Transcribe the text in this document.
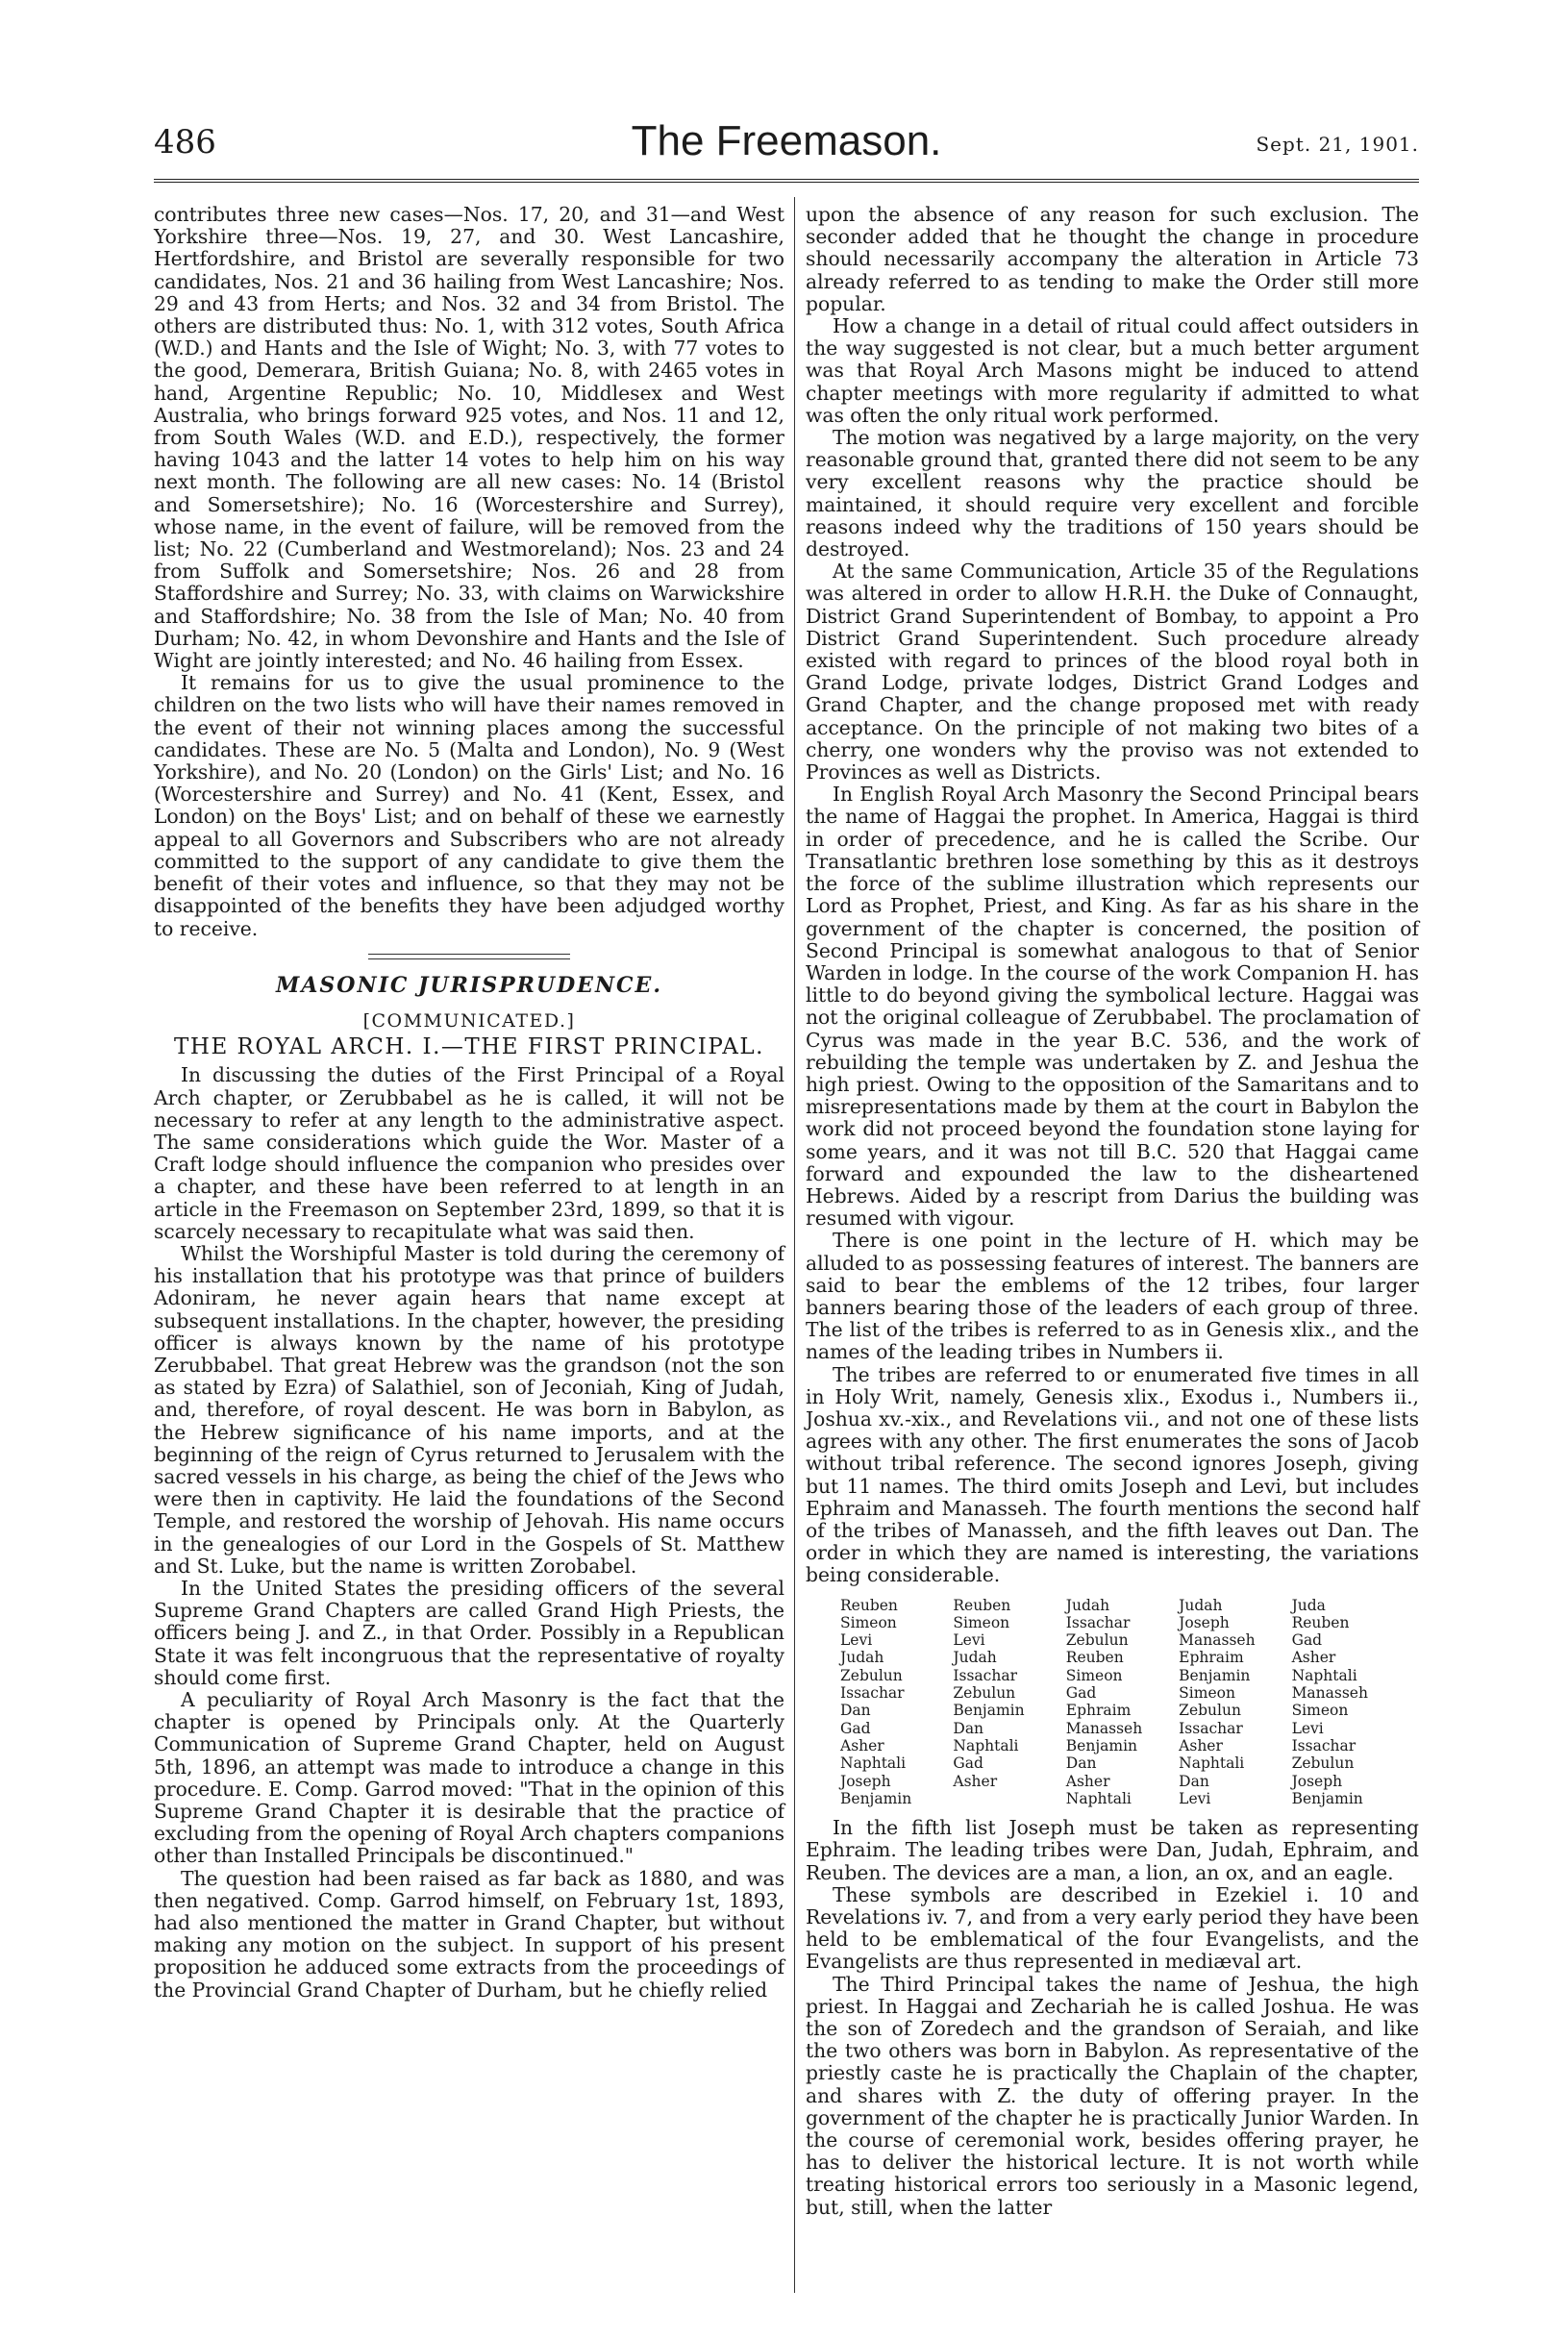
486	The Freemason.	Sept. 21, 1901.

contributes three new cases—Nos. 17, 20, and 31—and West Yorkshire three—Nos. 19, 27, and 30. West Lancashire, Hertfordshire, and Bristol are severally responsible for two candidates, Nos. 21 and 36 hailing from West Lancashire; Nos. 29 and 43 from Herts; and Nos. 32 and 34 from Bristol. The others are distributed thus: No. 1, with 312 votes, South Africa (W.D.) and Hants and the Isle of Wight; No. 3, with 77 votes to the good, Demerara, British Guiana; No. 8, with 2465 votes in hand, Argentine Republic; No. 10, Middlesex and West Australia, who brings forward 925 votes, and Nos. 11 and 12, from South Wales (W.D. and E.D.), respectively, the former having 1043 and the latter 14 votes to help him on his way next month. The following are all new cases: No. 14 (Bristol and Somersetshire); No. 16 (Worcestershire and Surrey), whose name, in the event of failure, will be removed from the list; No. 22 (Cumberland and Westmoreland); Nos. 23 and 24 from Suffolk and Somersetshire; Nos. 26 and 28 from Staffordshire and Surrey; No. 33, with claims on Warwickshire and Staffordshire; No. 38 from the Isle of Man; No. 40 from Durham; No. 42, in whom Devonshire and Hants and the Isle of Wight are jointly interested; and No. 46 hailing from Essex.

It remains for us to give the usual prominence to the children on the two lists who will have their names removed in the event of their not winning places among the successful candidates. These are No. 5 (Malta and London), No. 9 (West Yorkshire), and No. 20 (London) on the Girls' List; and No. 16 (Worcestershire and Surrey) and No. 41 (Kent, Essex, and London) on the Boys' List; and on behalf of these we earnestly appeal to all Governors and Subscribers who are not already committed to the support of any candidate to give them the benefit of their votes and influence, so that they may not be disappointed of the benefits they have been adjudged worthy to receive.

MASONIC JURISPRUDENCE.
[COMMUNICATED.]
THE ROYAL ARCH. I.—THE FIRST PRINCIPAL.

In discussing the duties of the First Principal of a Royal Arch chapter, or Zerubbabel as he is called, it will not be necessary to refer at any length to the administrative aspect. The same considerations which guide the Wor. Master of a Craft lodge should influence the companion who presides over a chapter, and these have been referred to at length in an article in the Freemason on September 23rd, 1899, so that it is scarcely necessary to recapitulate what was said then.

Whilst the Worshipful Master is told during the ceremony of his installation that his prototype was that prince of builders Adoniram, he never again hears that name except at subsequent installations. In the chapter, however, the presiding officer is always known by the name of his prototype Zerubbabel. That great Hebrew was the grandson (not the son as stated by Ezra) of Salathiel, son of Jeconiah, King of Judah, and, therefore, of royal descent. He was born in Babylon, as the Hebrew significance of his name imports, and at the beginning of the reign of Cyrus returned to Jerusalem with the sacred vessels in his charge, as being the chief of the Jews who were then in captivity. He laid the foundations of the Second Temple, and restored the worship of Jehovah. His name occurs in the genealogies of our Lord in the Gospels of St. Matthew and St. Luke, but the name is written Zorobabel.

In the United States the presiding officers of the several Supreme Grand Chapters are called Grand High Priests, the officers being J. and Z., in that Order. Possibly in a Republican State it was felt incongruous that the representative of royalty should come first.

A peculiarity of Royal Arch Masonry is the fact that the chapter is opened by Principals only. At the Quarterly Communication of Supreme Grand Chapter, held on August 5th, 1896, an attempt was made to introduce a change in this procedure. E. Comp. Garrod moved: "That in the opinion of this Supreme Grand Chapter it is desirable that the practice of excluding from the opening of Royal Arch chapters companions other than Installed Principals be discontinued."

The question had been raised as far back as 1880, and was then negatived. Comp. Garrod himself, on February 1st, 1893, had also mentioned the matter in Grand Chapter, but without making any motion on the subject. In support of his present proposition he adduced some extracts from the proceedings of the Provincial Grand Chapter of Durham, but he chiefly relied

upon the absence of any reason for such exclusion. The seconder added that he thought the change in procedure should necessarily accompany the alteration in Article 73 already referred to as tending to make the Order still more popular.

How a change in a detail of ritual could affect outsiders in the way suggested is not clear, but a much better argument was that Royal Arch Masons might be induced to attend chapter meetings with more regularity if admitted to what was often the only ritual work performed.

The motion was negatived by a large majority, on the very reasonable ground that, granted there did not seem to be any very excellent reasons why the practice should be maintained, it should require very excellent and forcible reasons indeed why the traditions of 150 years should be destroyed.

At the same Communication, Article 35 of the Regulations was altered in order to allow H.R.H. the Duke of Connaught, District Grand Superintendent of Bombay, to appoint a Pro District Grand Superintendent. Such procedure already existed with regard to princes of the blood royal both in Grand Lodge, private lodges, District Grand Lodges and Grand Chapter, and the change proposed met with ready acceptance. On the principle of not making two bites of a cherry, one wonders why the proviso was not extended to Provinces as well as Districts.

In English Royal Arch Masonry the Second Principal bears the name of Haggai the prophet. In America, Haggai is third in order of precedence, and he is called the Scribe. Our Transatlantic brethren lose something by this as it destroys the force of the sublime illustration which represents our Lord as Prophet, Priest, and King. As far as his share in the government of the chapter is concerned, the position of Second Principal is somewhat analogous to that of Senior Warden in lodge. In the course of the work Companion H. has little to do beyond giving the symbolical lecture. Haggai was not the original colleague of Zerubbabel. The proclamation of Cyrus was made in the year B.C. 536, and the work of rebuilding the temple was undertaken by Z. and Jeshua the high priest. Owing to the opposition of the Samaritans and to misrepresentations made by them at the court in Babylon the work did not proceed beyond the foundation stone laying for some years, and it was not till B.C. 520 that Haggai came forward and expounded the law to the disheartened Hebrews. Aided by a rescript from Darius the building was resumed with vigour.

There is one point in the lecture of H. which may be alluded to as possessing features of interest. The banners are said to bear the emblems of the 12 tribes, four larger banners bearing those of the leaders of each group of three. The list of the tribes is referred to as in Genesis xlix., and the names of the leading tribes in Numbers ii.

The tribes are referred to or enumerated five times in all in Holy Writ, namely, Genesis xlix., Exodus i., Numbers ii., Joshua xv.-xix., and Revelations vii., and not one of these lists agrees with any other. The first enumerates the sons of Jacob without tribal reference. The second ignores Joseph, giving but 11 names. The third omits Joseph and Levi, but includes Ephraim and Manasseh. The fourth mentions the second half of the tribes of Manasseh, and the fifth leaves out Dan. The order in which they are named is interesting, the variations being considerable.

Reuben	Reuben	Judah	Judah	Juda
Simeon	Simeon	Issachar	Joseph	Reuben
Levi	Levi	Zebulun	Manasseh	Gad
Judah	Judah	Reuben	Ephraim	Asher
Zebulun	Issachar	Simeon	Benjamin	Naphtali
Issachar	Zebulun	Gad	Simeon	Manasseh
Dan	Benjamin	Ephraim	Zebulun	Simeon
Gad	Dan	Manasseh	Issachar	Levi
Asher	Naphtali	Benjamin	Asher	Issachar
Naphtali	Gad	Dan	Naphtali	Zebulun
Joseph	Asher	Asher	Dan	Joseph
Benjamin		Naphtali	Levi	Benjamin

In the fifth list Joseph must be taken as representing Ephraim. The leading tribes were Dan, Judah, Ephraim, and Reuben. The devices are a man, a lion, an ox, and an eagle.

These symbols are described in Ezekiel i. 10 and Revelations iv. 7, and from a very early period they have been held to be emblematical of the four Evangelists, and the Evangelists are thus represented in mediæval art.

The Third Principal takes the name of Jeshua, the high priest. In Haggai and Zechariah he is called Joshua. He was the son of Zoredech and the grandson of Seraiah, and like the two others was born in Babylon. As representative of the priestly caste he is practically the Chaplain of the chapter, and shares with Z. the duty of offering prayer. In the government of the chapter he is practically Junior Warden. In the course of ceremonial work, besides offering prayer, he has to deliver the historical lecture. It is not worth while treating historical errors too seriously in a Masonic legend, but, still, when the latter
